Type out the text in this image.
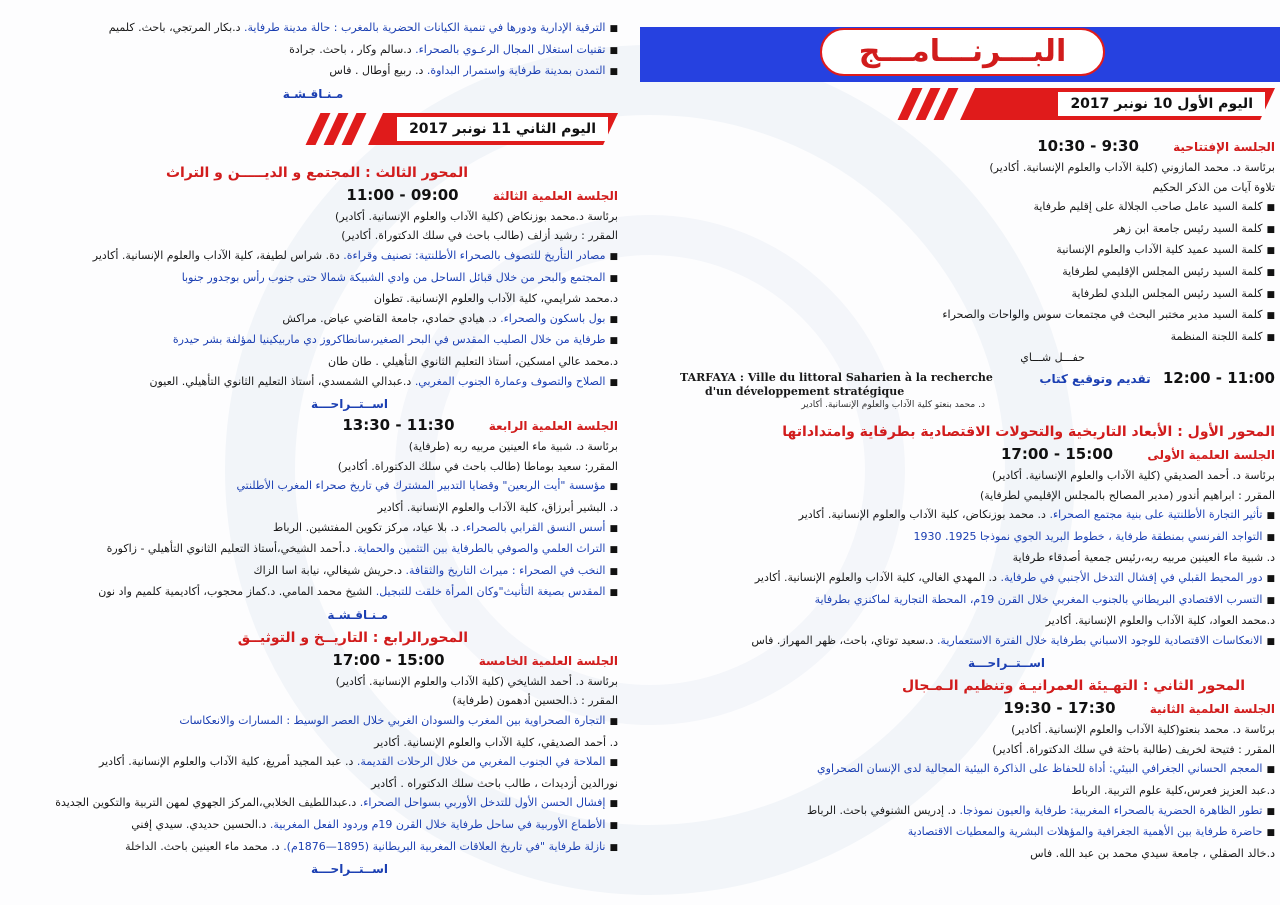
البـــرنـــامـــج
اليوم الأول 10 نونبر 2017
الجلسة الإفتتاحية 9:30 - 10:30
برئاسة د. محمد المازوني (كلية الآداب والعلوم الإنسانية. أكادير)
تلاوة آيات من الذكر الحكيم
■ كلمة السيد عامل صاحب الجلالة على إقليم طرفاية
■ كلمة السيد رئيس جامعة ابن زهر
■ كلمة السيد عميد كلية الآداب والعلوم الإنسانية
■ كلمة السيد رئيس المجلس الإقليمي لطرفاية
■ كلمة السيد رئيس المجلس البلدي لطرفاية
■ كلمة السيد مدير مختبر البحث في مجتمعات سوس والواحات والصحراء
■ كلمة اللجنة المنظمة
حفـــل شـــاي
11:00 - 12:00 تقديم وتوقيع كتاب
TARFAYA : Ville du littoral Saharien à la recherche
d'un développement stratégique
د. محمد بنعتو كلية الآداب والعلوم الإنسانية. أكادير
المحور الأول : الأبعاد التاريخية والتحولات الاقتصادية بطرفاية وامتداداتها
الجلسة العلمية الأولى 15:00 - 17:00
برئاسة د. أحمد الصديقي (كلية الآداب والعلوم الإنسانية. أكادير)
المقرر : ابراهيم أندور (مدير المصالح بالمجلس الإقليمي لطرفاية)
■ تأثير التجارة الأطلنتية على بنية مجتمع الصحراء. د. محمد بوزنكاض، كلية الآداب والعلوم الإنسانية. أكادير
■ التواجد الفرنسي بمنطقة طرفاية ، خطوط البريد الجوي نموذجا 1925. 1930
د. شبية ماء العينين مربيه ربه،رئيس جمعية أصدقاء طرفاية
■ دور المحيط القبلي في إفشال التدخل الأجنبي في طرفاية. د. المهدي الغالي، كلية الآداب والعلوم الإنسانية. أكادير
■ التسرب الاقتصادي البريطاني بالجنوب المغربي خلال القرن 19م، المحطة التجارية لماكنزي بطرفاية
د.محمد العواد، كلية الآداب والعلوم الإنسانية. أكادير
■ الانعكاسات الاقتصادية للوجود الاسباني بطرفاية خلال الفترة الاستعمارية. د.سعيد توتاي، باحث، ظهر المهراز. فاس
اســتــراحـــة
المحور الثاني : التهـيئة العمرانيـة وتنظيم الـمـجال
الجلسة العلمية الثانية 17:30 - 19:30
برئاسة د. محمد بنعتو(كلية الآداب والعلوم الإنسانية. أكادير)
المقرر : فتيحة لخريف (طالبة باحثة في سلك الدكتوراة. أكادير)
■ المعجم الحساني الجغرافي البيئي: أداة للحفاظ على الذاكرة البيئية المجالية لدى الإنسان الصحراوي
د.عبد العزيز فعرس،كلية علوم التربية. الرباط
■ تطور الظاهرة الحضرية بالصحراء المغربية: طرفاية والعيون نموذجا. د. إدريس الشنوفي باحث. الرباط
■ حاضرة طرفاية بين الأهمية الجغرافية والمؤهلات البشرية والمعطيات الاقتصادية
د.خالد الصقلي ، جامعة سيدي محمد بن عبد الله. فاس
■ الترقية الإدارية ودورها في تنمية الكيانات الحضرية بالمغرب : حالة مدينة طرفاية. د.بكار المرتجي، باحث. كلميم
■ تقنيات استغلال المجال الرعـوي بالصحراء. د.سالم وكار ، باحث. جرادة
■ التمدن بمدينة طرفاية واستمرار البداوة. د. ربيع أوطال . فاس
مـنـاقـشـة
اليوم الثاني 11 نونبر 2017
المحور الثالث : المجتمع و الديـــــن و التراث
الجلسة العلمية الثالثة 09:00 - 11:00
برئاسة د.محمد بوزنكاض (كلية الآداب والعلوم الإنسانية. أكادير)
المقرر : رشيد أزلف (طالب باحث في سلك الدكتوراة. أكادير)
■ مصادر التأريخ للتصوف بالصحراء الأطلنتية: تصنيف وقراءة. دة. شراس لطيفة، كلية الآداب والعلوم الإنسانية. أكادير
■ المجتمع والبحر من خلال قبائل الساحل من وادي الشبيكة شمالا حتى جنوب رأس بوجدور جنوبا
د.محمد شرايمي، كلية الآداب والعلوم الإنسانية. تطوان
■ بول باسكون والصحراء. د. هيادي حمادي، جامعة القاضي عياض. مراكش
■ طرفاية من خلال الصليب المقدس في البحر الصغير،سانطاكروز دي ماربيكينيا لمؤلفة بشر حيدرة
د.محمد عالي امسكين، أستاذ التعليم الثانوي التأهيلي . طان طان
■ الصلاح والتصوف وعمارة الجنوب المغربي. د.عبدالي الشمسدي، أستاذ التعليم الثانوي التأهيلي. العيون
اســتــراحـــة
الجلسة العلمية الرابعة 11:30 - 13:30
برئاسة د. شبية ماء العينين مربيه ربه (طرفاية)
المقرر: سعيد بوماطا (طالب باحث في سلك الدكتوراة. أكادير)
■ مؤسسة "أيت الربعين" وقضايا التدبير المشترك في تاريخ صحراء المغرب الأطلنتي
د. البشير أبرزاق، كلية الآداب والعلوم الإنسانية. أكادير
■ أسس النسق القرابي بالصحراء. د. بلا عياد، مركز تكوين المفتشين. الرباط
■ التراث العلمي والصوفي بالطرفاية بين التثمين والحماية. د.أحمد الشيخي،أستاذ التعليم الثانوي التأهيلي - زاكورة
■ النخب في الصحراء : ميراث التاريخ والثقافة. د.حريش شيغالي، نيابة اسا الزاك
■ المقدس بصيغة التأنيث"وكان المرأة خلقت للتبجيل. الشيخ محمد المامي. د.كماز محجوب، أكاديمية كلميم واد نون
مـنـاقـشـة
المحورالرابع : التاريــخ و التوثيــق
الجلسة العلمية الخامسة 15:00 - 17:00
برئاسة د. أحمد الشايخي (كلية الآداب والعلوم الإنسانية. أكادير)
المقرر : ذ.الحسين أدهمون (طرفاية)
■ التجارة الصحراوية بين المغرب والسودان الغربي خلال العصر الوسيط : المسارات والانعكاسات
د. أحمد الصديقي، كلية الآداب والعلوم الإنسانية. أكادير
■ الملاحة في الجنوب المغربي من خلال الرحلات القديمة. د. عبد المجيد أمريغ، كلية الآداب والعلوم الإنسانية. أكادير
نورالدين أزديدات ، طالب باحث سلك الدكتوراه . أكادير
■ إفشال الحسن الأول للتدخل الأوربي بسواحل الصحراء. د.عبداللطيف الخلابي،المركز الجهوي لمهن التربية والتكوين الجديدة
■ الأطماع الأوربية في ساحل طرفاية خلال القرن 19م وردود الفعل المغربية. د.الحسين حديدي. سيدي إفني
■ نازلة طرفاية "في تاريخ العلاقات المغربية البريطانية (1895—1876م). د. محمد ماء العينين باحث. الداخلة
اســتــراحـــة
